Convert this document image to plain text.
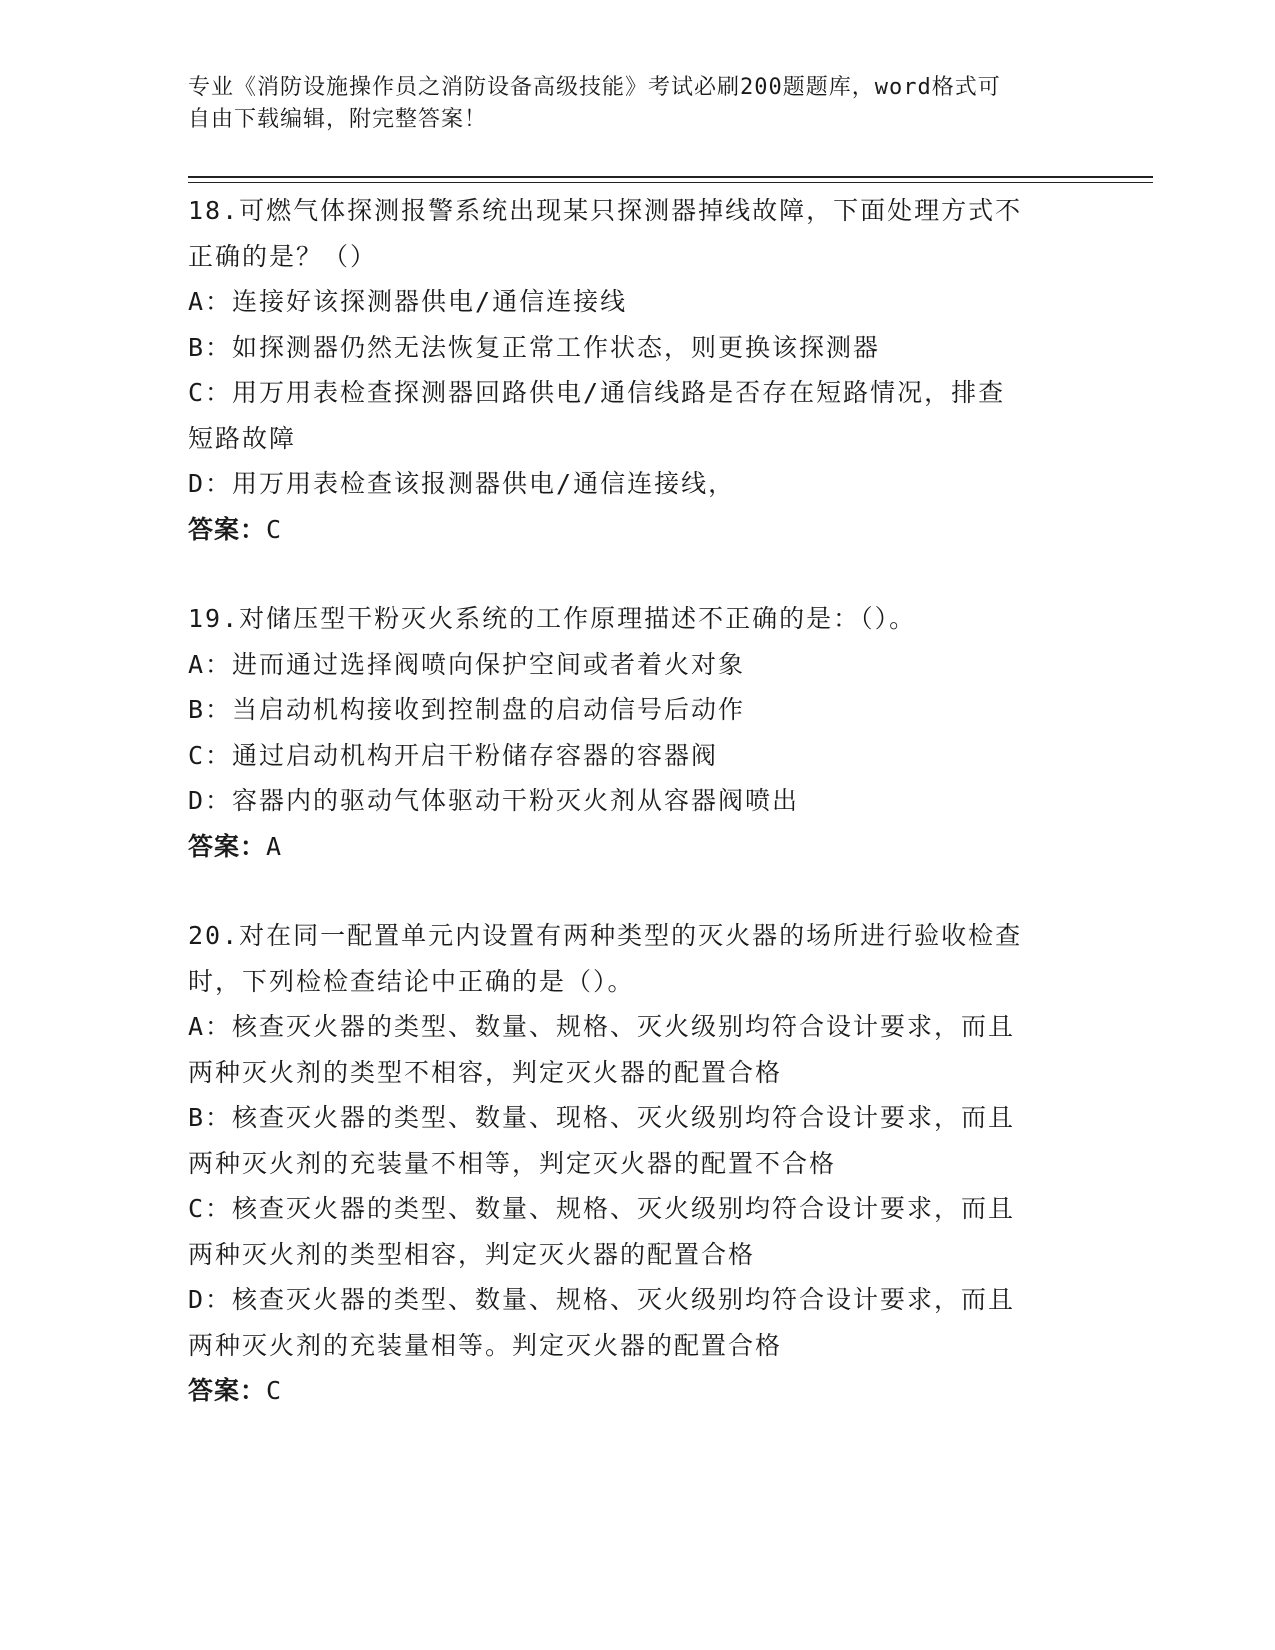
专业《消防设施操作员之消防设备高级技能》考试必刷200题题库，word格式可
自由下载编辑，附完整答案！
18.可燃气体探测报警系统出现某只探测器掉线故障，下面处理方式不
正确的是？（）
A：连接好该探测器供电/通信连接线
B：如探测器仍然无法恢复正常工作状态，则更换该探测器
C：用万用表检查探测器回路供电/通信线路是否存在短路情况，排查
短路故障
D：用万用表检查该报测器供电/通信连接线，
答案：C
19.对储压型干粉灭火系统的工作原理描述不正确的是：（）。
A：进而通过选择阀喷向保护空间或者着火对象
B：当启动机构接收到控制盘的启动信号后动作
C：通过启动机构开启干粉储存容器的容器阀
D：容器内的驱动气体驱动干粉灭火剂从容器阀喷出
答案：A
20.对在同一配置单元内设置有两种类型的灭火器的场所进行验收检查
时，下列检检查结论中正确的是（）。
A：核查灭火器的类型、数量、规格、灭火级别均符合设计要求，而且
两种灭火剂的类型不相容，判定灭火器的配置合格
B：核查灭火器的类型、数量、现格、灭火级别均符合设计要求，而且
两种灭火剂的充装量不相等，判定灭火器的配置不合格
C：核查灭火器的类型、数量、规格、灭火级别均符合设计要求，而且
两种灭火剂的类型相容，判定灭火器的配置合格
D：核查灭火器的类型、数量、规格、灭火级别均符合设计要求，而且
两种灭火剂的充装量相等。判定灭火器的配置合格
答案：C
